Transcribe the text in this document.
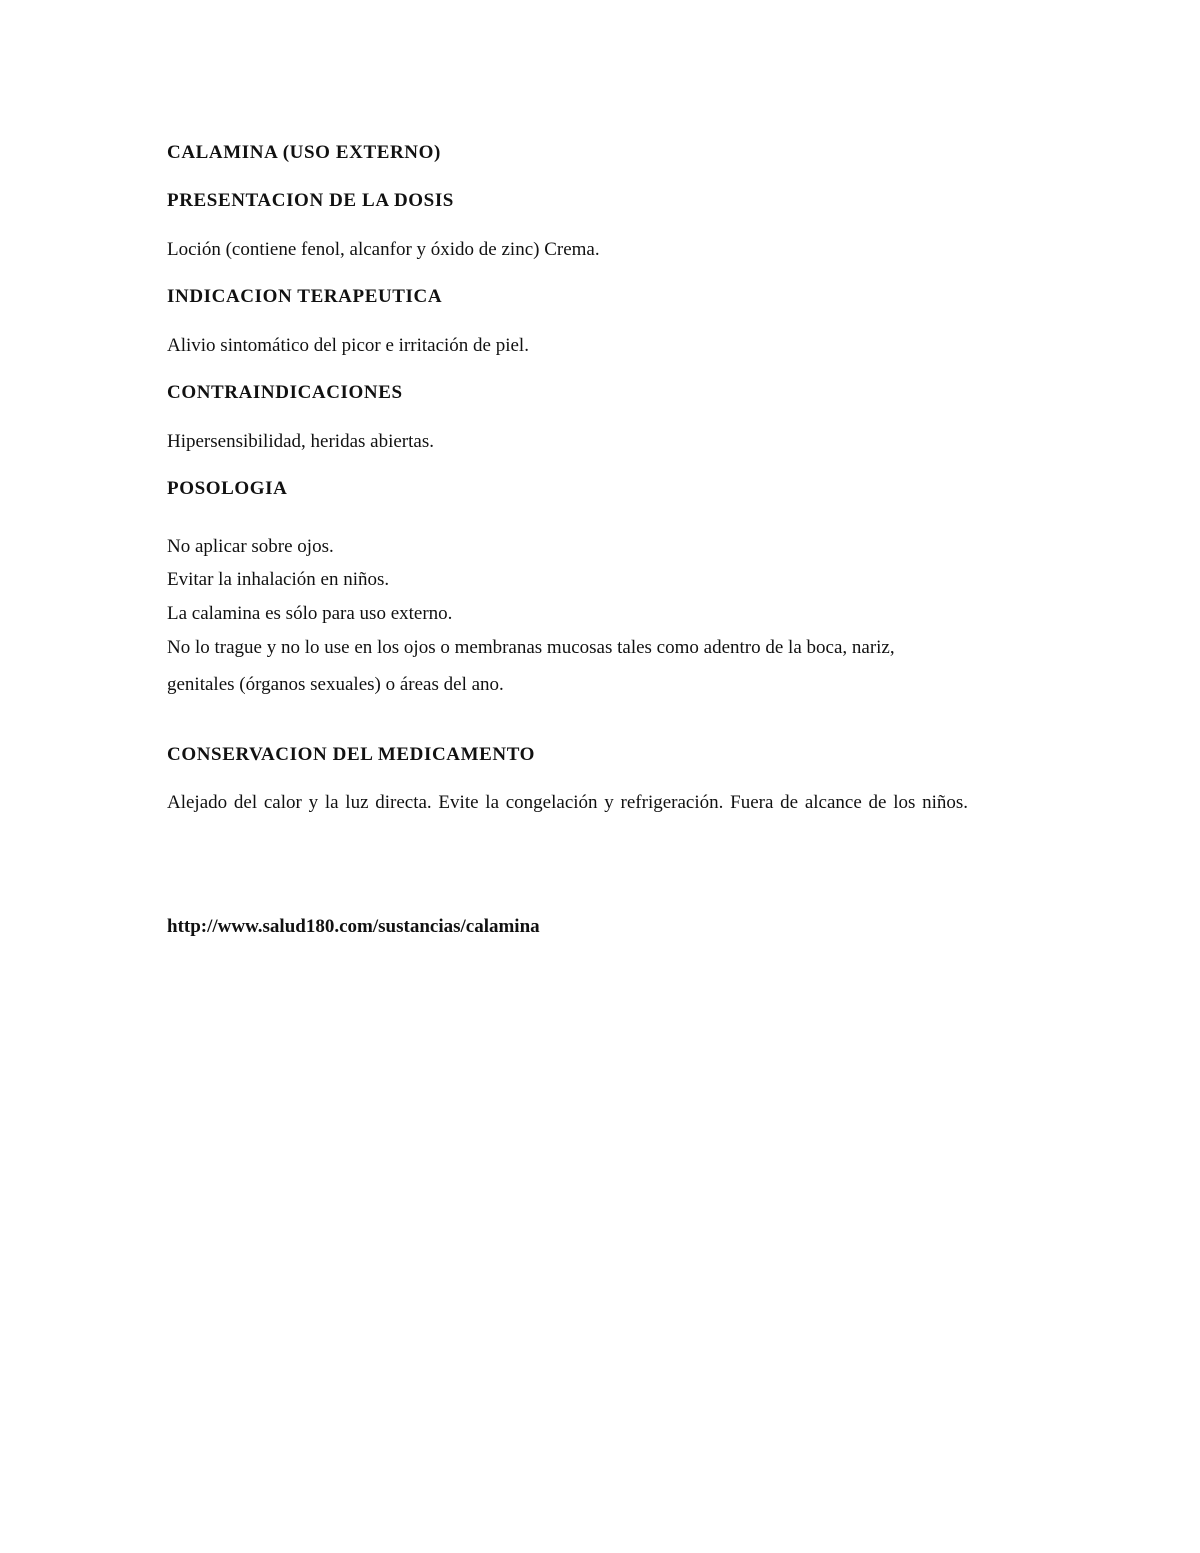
CALAMINA (USO EXTERNO)

PRESENTACION DE LA DOSIS

Loción (contiene fenol, alcanfor y óxido de zinc) Crema.

INDICACION TERAPEUTICA

Alivio sintomático del picor e irritación de piel.

CONTRAINDICACIONES

Hipersensibilidad, heridas abiertas.

POSOLOGIA

No aplicar sobre ojos.

Evitar la inhalación en niños.

La calamina es sólo para uso externo.

No lo trague y no lo use en los ojos o membranas mucosas tales como adentro de la boca, nariz,

genitales (órganos sexuales) o áreas del ano.

CONSERVACION DEL MEDICAMENTO

Alejado del calor y la luz directa. Evite la congelación y refrigeración. Fuera de alcance de los niños.

http://www.salud180.com/sustancias/calamina
